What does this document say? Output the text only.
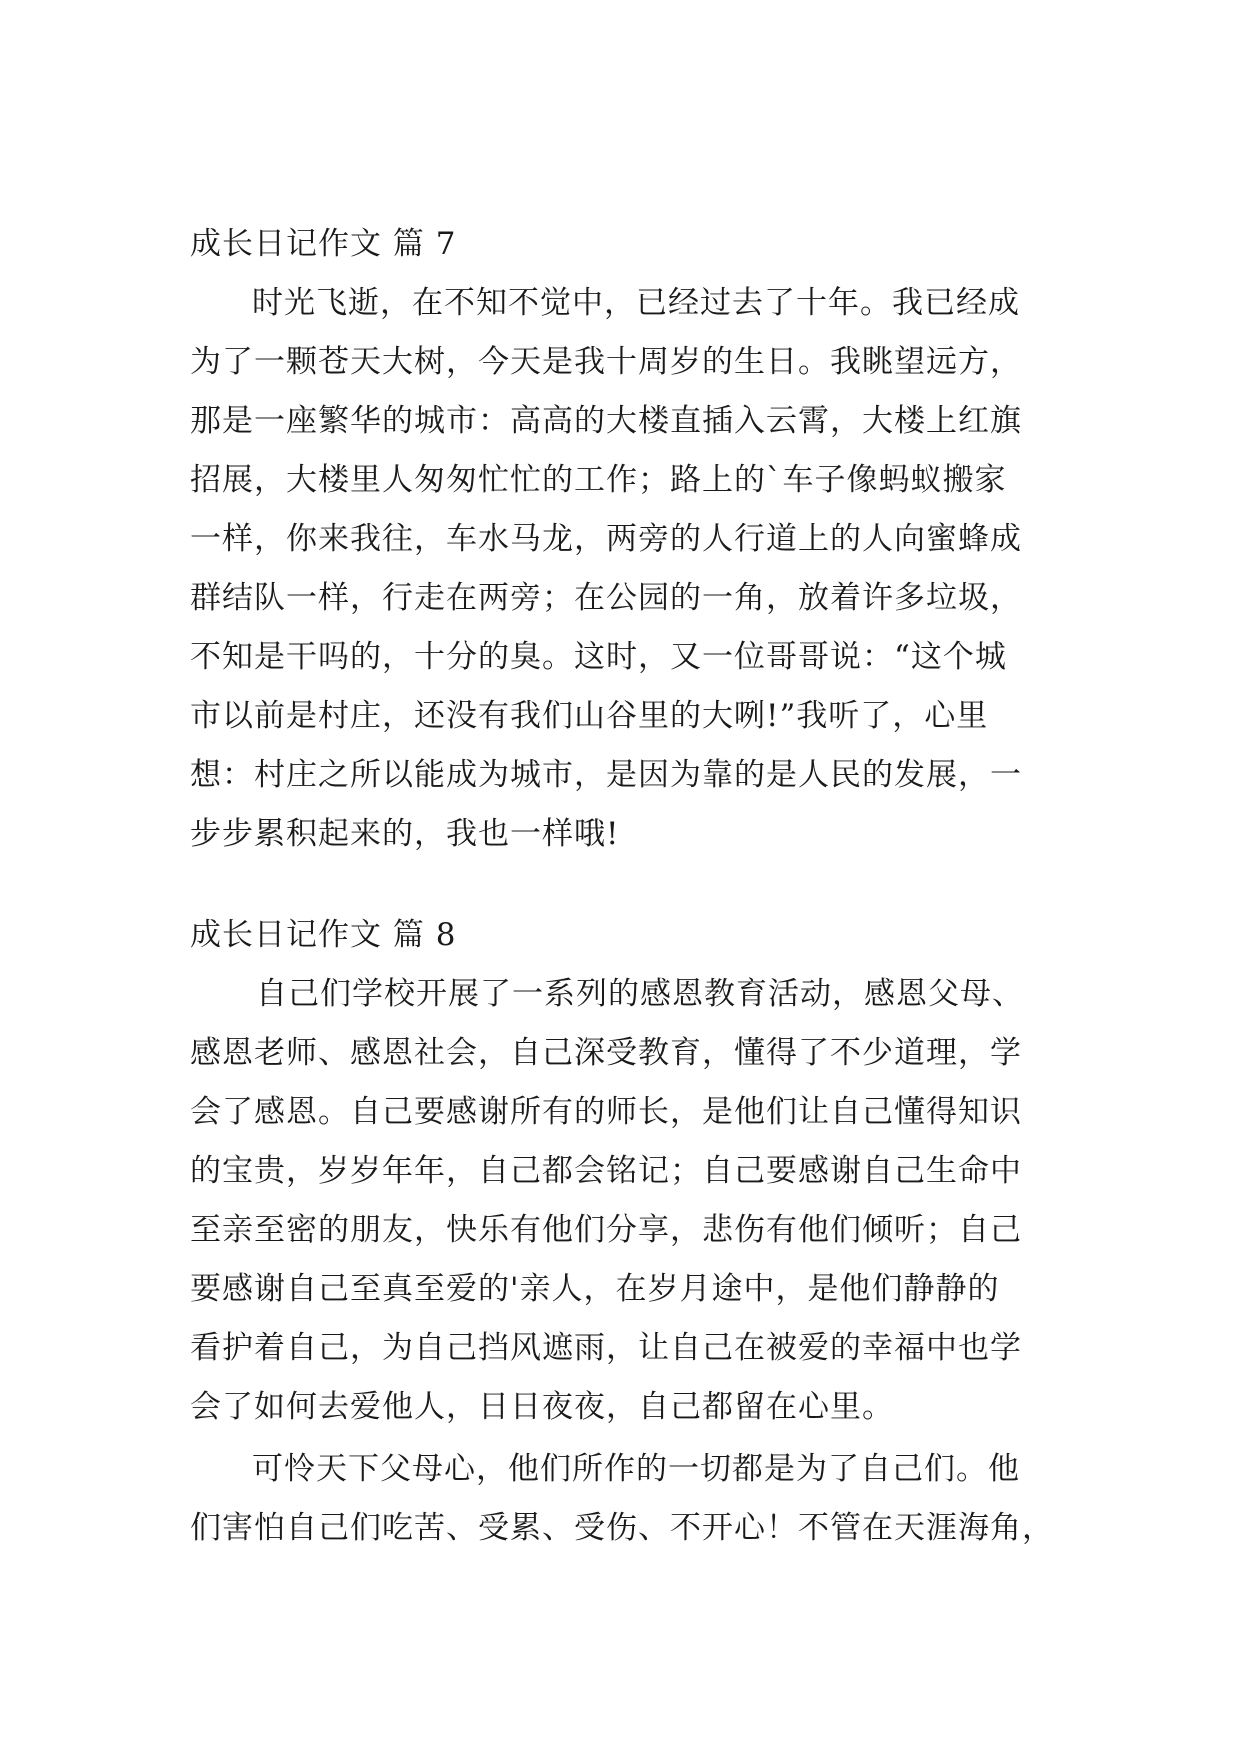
成长日记作文 篇 7
时光飞逝，在不知不觉中，已经过去了十年。我已经成
为了一颗苍天大树，今天是我十周岁的生日。我眺望远方，
那是一座繁华的城市：高高的大楼直插入云霄，大楼上红旗
招展，大楼里人匆匆忙忙的工作；路上的`车子像蚂蚁搬家
一样，你来我往，车水马龙，两旁的人行道上的人向蜜蜂成
群结队一样，行走在两旁；在公园的一角，放着许多垃圾，
不知是干吗的，十分的臭。这时，又一位哥哥说：“这个城
市以前是村庄，还没有我们山谷里的大咧!”我听了，心里
想：村庄之所以能成为城市，是因为靠的是人民的发展，一
步步累积起来的，我也一样哦!
成长日记作文 篇 8
自己们学校开展了一系列的感恩教育活动，感恩父母、
感恩老师、感恩社会，自己深受教育，懂得了不少道理，学
会了感恩。自己要感谢所有的师长，是他们让自己懂得知识
的宝贵，岁岁年年，自己都会铭记；自己要感谢自己生命中
至亲至密的朋友，快乐有他们分享，悲伤有他们倾听；自己
要感谢自己至真至爱的'亲人，在岁月途中，是他们静静的
看护着自己，为自己挡风遮雨，让自己在被爱的幸福中也学
会了如何去爱他人，日日夜夜，自己都留在心里。
可怜天下父母心，他们所作的一切都是为了自己们。他
们害怕自己们吃苦、受累、受伤、不开心！不管在天涯海角，
